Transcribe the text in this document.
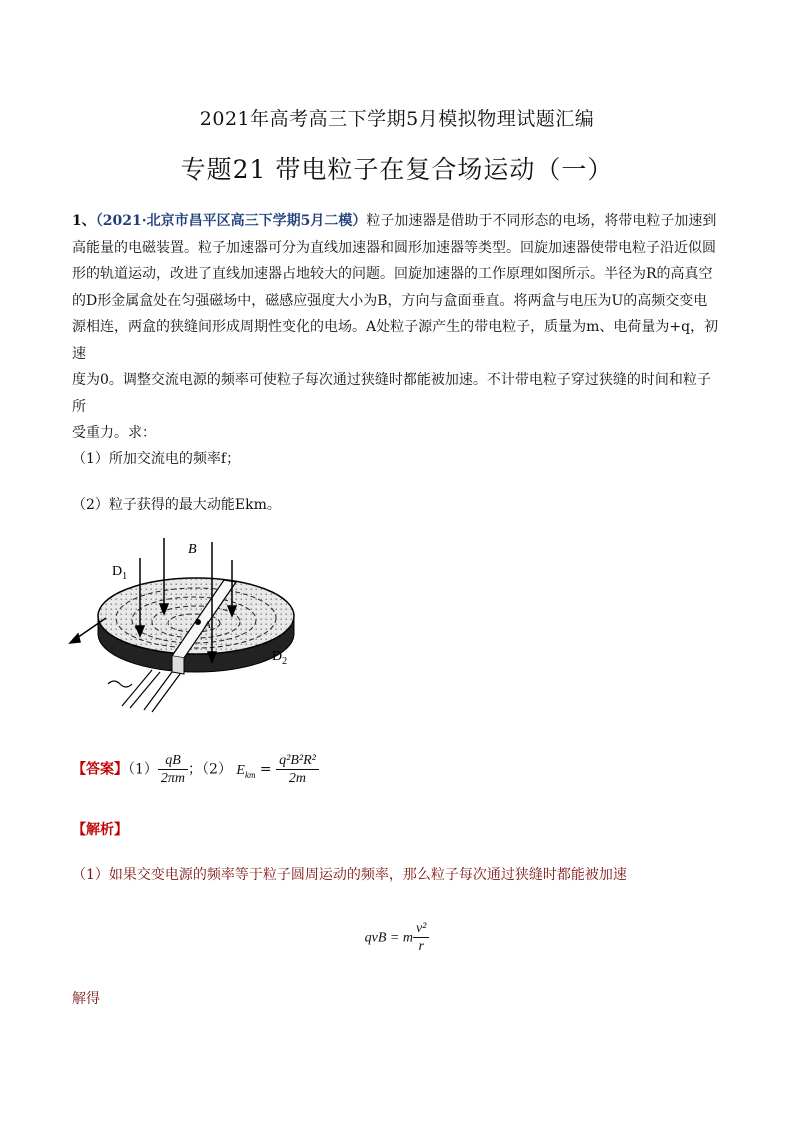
2021年高考高三下学期5月模拟物理试题汇编
专题21 带电粒子在复合场运动（一）
1、（2021·北京市昌平区高三下学期5月二模）粒子加速器是借助于不同形态的电场，将带电粒子加速到
高能量的电磁装置。粒子加速器可分为直线加速器和圆形加速器等类型。回旋加速器使带电粒子沿近似圆
形的轨道运动，改进了直线加速器占地较大的问题。回旋加速器的工作原理如图所示。半径为R的高真空
的D形金属盒处在匀强磁场中，磁感应强度大小为B，方向与盒面垂直。将两盒与电压为U的高频交变电
源相连，两盒的狭缝间形成周期性变化的电场。A处粒子源产生的带电粒子，质量为m、电荷量为+q，初速
度为0。调整交流电源的频率可使粒子每次通过狭缝时都能被加速。不计带电粒子穿过狭缝的时间和粒子所
受重力。求：
（1）所加交流电的频率f；
（2）粒子获得的最大动能Ekm。
A
$D_1$
B
$D_2$
【答案】$(1) \frac{qB}{2\pi m}$ ；（2） $E_{km} = \frac{\text{q²B²R²}}{2m}$
【解析】
（1）如果交变电源的频率等于粒子圆周运动的频率，那么粒子每次通过狭缝时都能被加速
qvB = m $\frac{\text{v²}}{r}$
解得
